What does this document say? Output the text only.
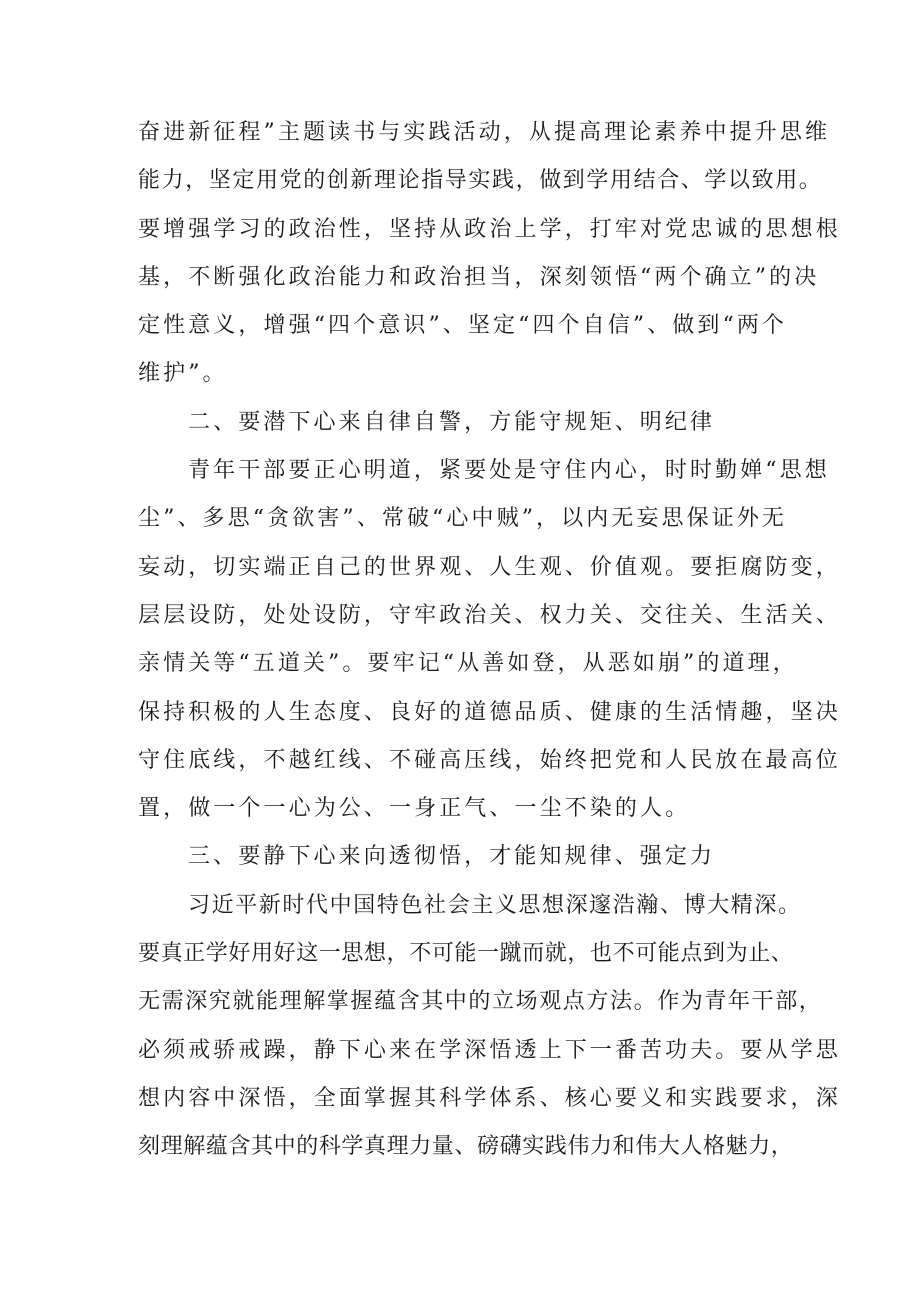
奋进新征程”主题读书与实践活动，从提高理论素养中提升思维
能力，坚定用党的创新理论指导实践，做到学用结合、学以致用。
要增强学习的政治性，坚持从政治上学，打牢对党忠诚的思想根
基，不断强化政治能力和政治担当，深刻领悟“两个确立”的决
定性意义，增强“四个意识”、坚定“四个自信”、做到“两个
维护”。
二、要潜下心来自律自警，方能守规矩、明纪律
青年干部要正心明道，紧要处是守住内心，时时勤婵“思想
尘”、多思“贪欲害”、常破“心中贼”，以内无妄思保证外无
妄动，切实端正自己的世界观、人生观、价值观。要拒腐防变，
层层设防，处处设防，守牢政治关、权力关、交往关、生活关、
亲情关等“五道关”。要牢记“从善如登，从恶如崩”的道理，
保持积极的人生态度、良好的道德品质、健康的生活情趣，坚决
守住底线，不越红线、不碰高压线，始终把党和人民放在最高位
置，做一个一心为公、一身正气、一尘不染的人。
三、要静下心来向透彻悟，才能知规律、强定力
习近平新时代中国特色社会主义思想深邃浩瀚、博大精深。
要真正学好用好这一思想，不可能一蹴而就，也不可能点到为止、
无需深究就能理解掌握蕴含其中的立场观点方法。作为青年干部，
必须戒骄戒躁，静下心来在学深悟透上下一番苦功夫。要从学思
想内容中深悟，全面掌握其科学体系、核心要义和实践要求，深
刻理解蕴含其中的科学真理力量、磅礴实践伟力和伟大人格魅力，
